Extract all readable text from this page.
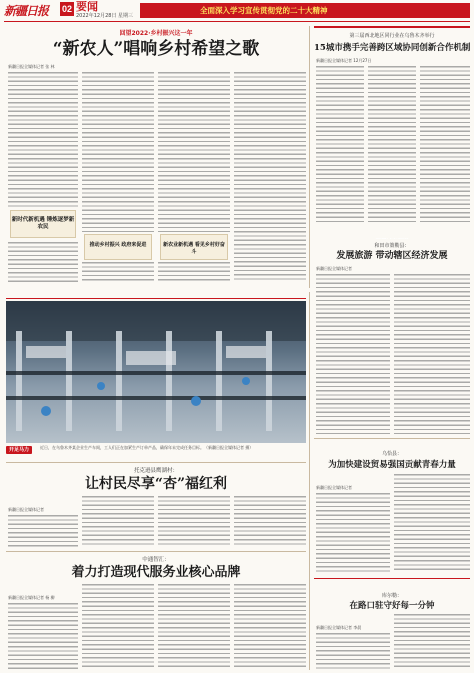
新疆日报	02 要闻
2022年12月28日 星期三
全面深入学习宣传贯彻党的二十大精神
回望2022·乡村振兴这一年
“新农人”唱响乡村希望之歌
新疆日报全媒体记者 张 林
新时代新机遇 锤炼逐梦新农民
推动乡村振兴 政府来促进	新农业新机遇 看见乡村好奋斗
第三届西北地区同行业在乌鲁木齐举行
15城市携手完善跨区域协同创新合作机制
新疆日报全媒体记者 12月27日
和田市策勒县：
发展旅游 带动辖区经济发展
新疆日报全媒体记者
开足马力	近日，在乌鲁木齐某企业生产车间，工人们正在加紧生产订单产品，确保年末完成任务目标。（新疆日报全媒体记者 摄）
托克逊县鹰湖村：
让村民尽享“杏”福红利
新疆日报全媒体记者
中通智汇：
着力打造现代服务业核心品牌
新疆日报全媒体记者 杨 柳
乌恰县：
为加快建设贸易强国贡献青春力量
新疆日报全媒体记者
库尔勒：
在路口驻守好每一分钟
新疆日报全媒体记者 李晨
